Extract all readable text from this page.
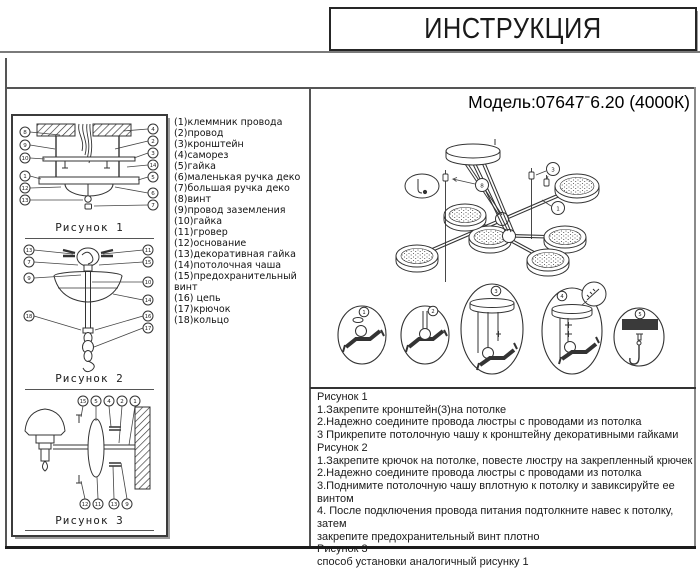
ИНСТРУКЦИЯ
8
9
10
1
12
13
4
2
3
14
5
6
7
Рисунок 1
13
7
9
18
11
15
10
14
16
17
Рисунок 2
15 5 4 2 1
12 11 13 9
Рисунок 3
(1)клеммник провода
(2)провод
(3)кронштейн
(4)саморез
(5)гайка
(6)маленькая ручка деко
(7)большая ручка деко
(8)винт
(9)провод заземления
(10)гайка
(11)гровер
(12)основание
(13)декоративная гайка
(14)потолочная чаша
(15)предохранительный винт
(16) цепь
(17)крючок
(18)кольцо
Модель:07647ˉ6.20 (4000К)
8
3
1
1	2
3
4
5
Рисунок 1
1.Закрепите кронштейн(3)на потолке
2.Надежно соедините провода люстры с проводами из потолка
3 Прикрепите потолочную чашу к кронштейну декоративными гайками
Рисунок 2
1.Закрепите крючок на потолке, повесте люстру на закрепленный крючек
2.Надежно соедините провода люстры с проводами из потолка
3.Поднимите потолочную чашу вплотную к потолку и завиксируйте ее винтом
4. После подключения провода питания подтолкните навес к потолку, затем
закрепите предохранительный винт плотно
Рисунок 3
способ установки аналогичный рисунку 1
